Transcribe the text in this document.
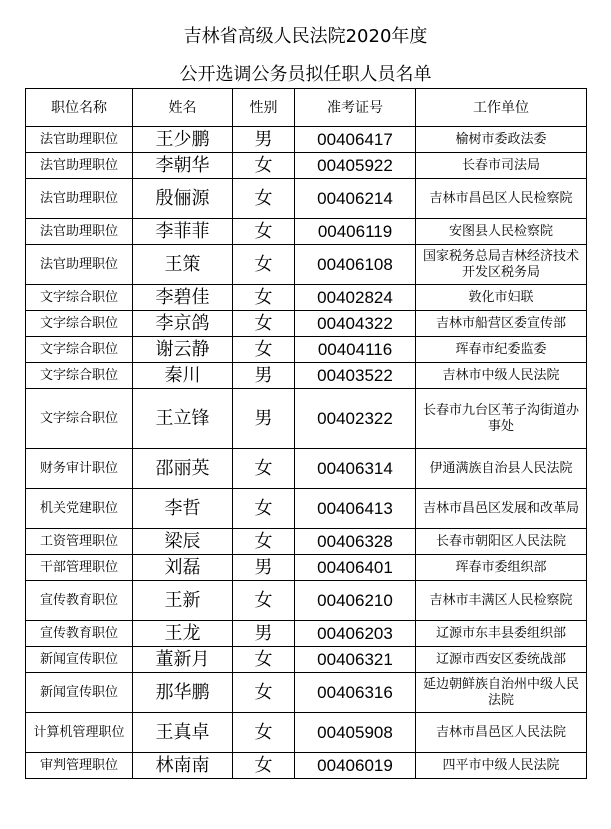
吉林省高级人民法院2020年度
公开选调公务员拟任职人员名单
职位名称	姓名	性别	准考证号	工作单位
法官助理职位	王少鹏	男	00406417	榆树市委政法委
法官助理职位	李朝华	女	00405922	长春市司法局
法官助理职位	殷俪源	女	00406214	吉林市昌邑区人民检察院
法官助理职位	李菲菲	女	00406119	安图县人民检察院
法官助理职位	王策	女	00406108	国家税务总局吉林经济技术开发区税务局
文字综合职位	李碧佳	女	00402824	敦化市妇联
文字综合职位	李京鸽	女	00404322	吉林市船营区委宣传部
文字综合职位	谢云静	女	00404116	珲春市纪委监委
文字综合职位	秦川	男	00403522	吉林市中级人民法院
文字综合职位	王立锋	男	00402322	长春市九台区苇子沟街道办事处
财务审计职位	邵丽英	女	00406314	伊通满族自治县人民法院
机关党建职位	李哲	女	00406413	吉林市昌邑区发展和改革局
工资管理职位	梁辰	女	00406328	长春市朝阳区人民法院
干部管理职位	刘磊	男	00406401	珲春市委组织部
宣传教育职位	王新	女	00406210	吉林市丰满区人民检察院
宣传教育职位	王龙	男	00406203	辽源市东丰县委组织部
新闻宣传职位	董新月	女	00406321	辽源市西安区委统战部
新闻宣传职位	那华鹏	女	00406316	延边朝鲜族自治州中级人民法院
计算机管理职位	王真卓	女	00405908	吉林市昌邑区人民法院
审判管理职位	林南南	女	00406019	四平市中级人民法院
